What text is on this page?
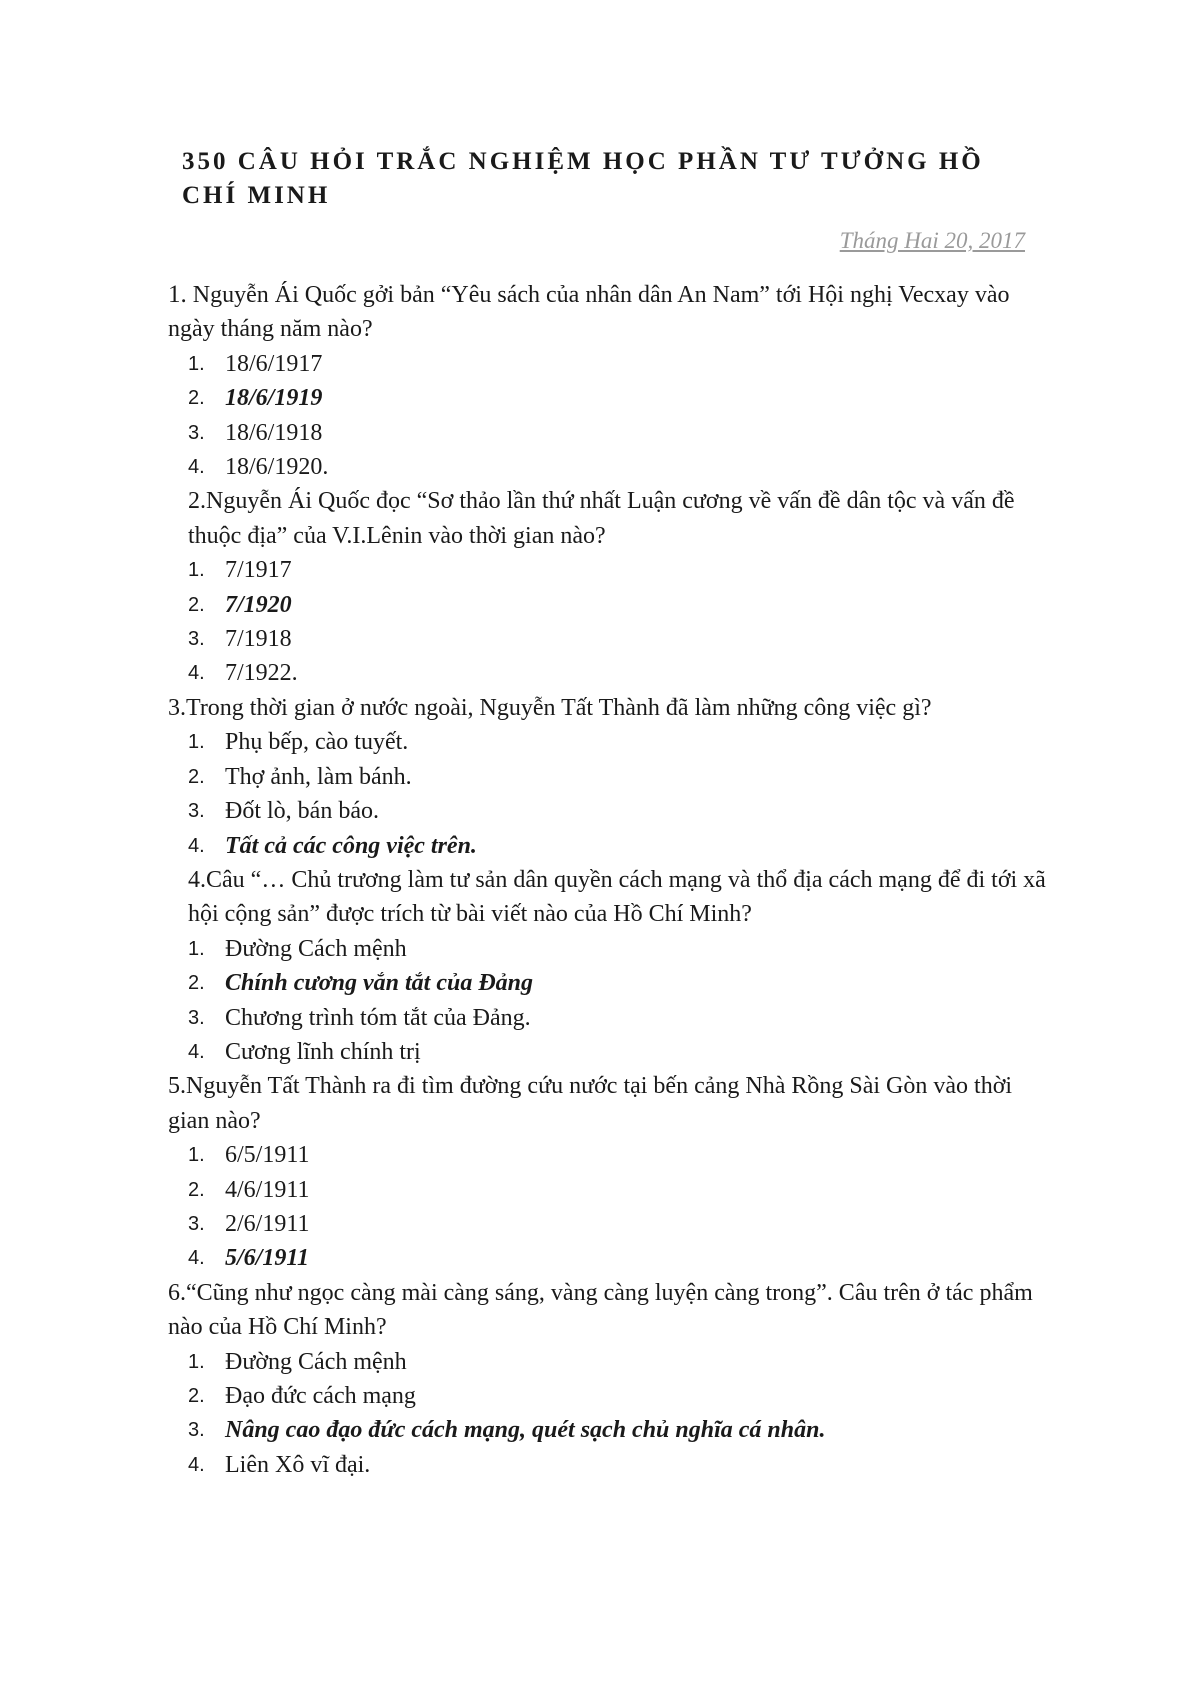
350 CÂU HỎI TRẮC NGHIỆM HỌC PHẦN TƯ TƯỞNG HỒ CHÍ MINH
Tháng Hai 20, 2017

1. Nguyễn Ái Quốc gởi bản “Yêu sách của nhân dân An Nam” tới Hội nghị Vecxay vào ngày tháng năm nào?

1. 18/6/1917
2. 18/6/1919
3. 18/6/1918
4. 18/6/1920.

2.Nguyễn Ái Quốc đọc “Sơ thảo lần thứ nhất Luận cương về vấn đề dân tộc và vấn đề thuộc địa” của V.I.Lênin vào thời gian nào?

1. 7/1917
2. 7/1920
3. 7/1918
4. 7/1922.

3.Trong thời gian ở nước ngoài, Nguyễn Tất Thành đã làm những công việc gì?

1. Phụ bếp, cào tuyết.
2. Thợ ảnh, làm bánh.
3. Đốt lò, bán báo.
4. Tất cả các công việc trên.

4.Câu “… Chủ trương làm tư sản dân quyền cách mạng và thổ địa cách mạng để đi tới xã hội cộng sản” được trích từ bài viết nào của Hồ Chí Minh?

1. Đường Cách mệnh
2. Chính cương vắn tắt của Đảng
3. Chương trình tóm tắt của Đảng.
4. Cương lĩnh chính trị

5.Nguyễn Tất Thành ra đi tìm đường cứu nước tại bến cảng Nhà Rồng Sài Gòn vào thời gian nào?

1. 6/5/1911
2. 4/6/1911
3. 2/6/1911
4. 5/6/1911

6.“Cũng như ngọc càng mài càng sáng, vàng càng luyện càng trong”. Câu trên ở tác phẩm nào của Hồ Chí Minh?

1. Đường Cách mệnh
2. Đạo đức cách mạng
3. Nâng cao đạo đức cách mạng, quét sạch chủ nghĩa cá nhân.
4. Liên Xô vĩ đại.
